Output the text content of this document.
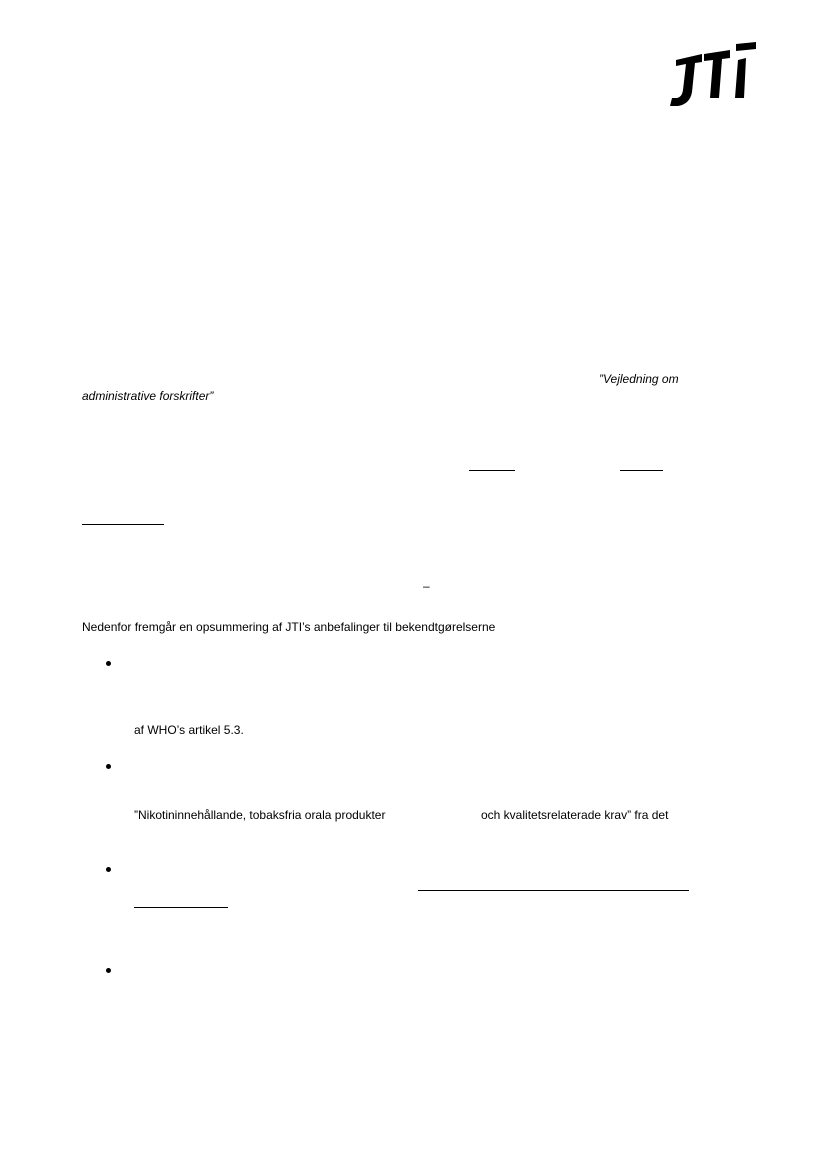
”Vejledning om
administrative forskrifter”
–
Nedenfor fremgår en opsummering af JTI’s anbefalinger til bekendtgørelserne
af WHO’s artikel 5.3.
”Nikotininnehållande, tobaksfria orala produkter	och kvalitetsrelaterade krav” fra det
